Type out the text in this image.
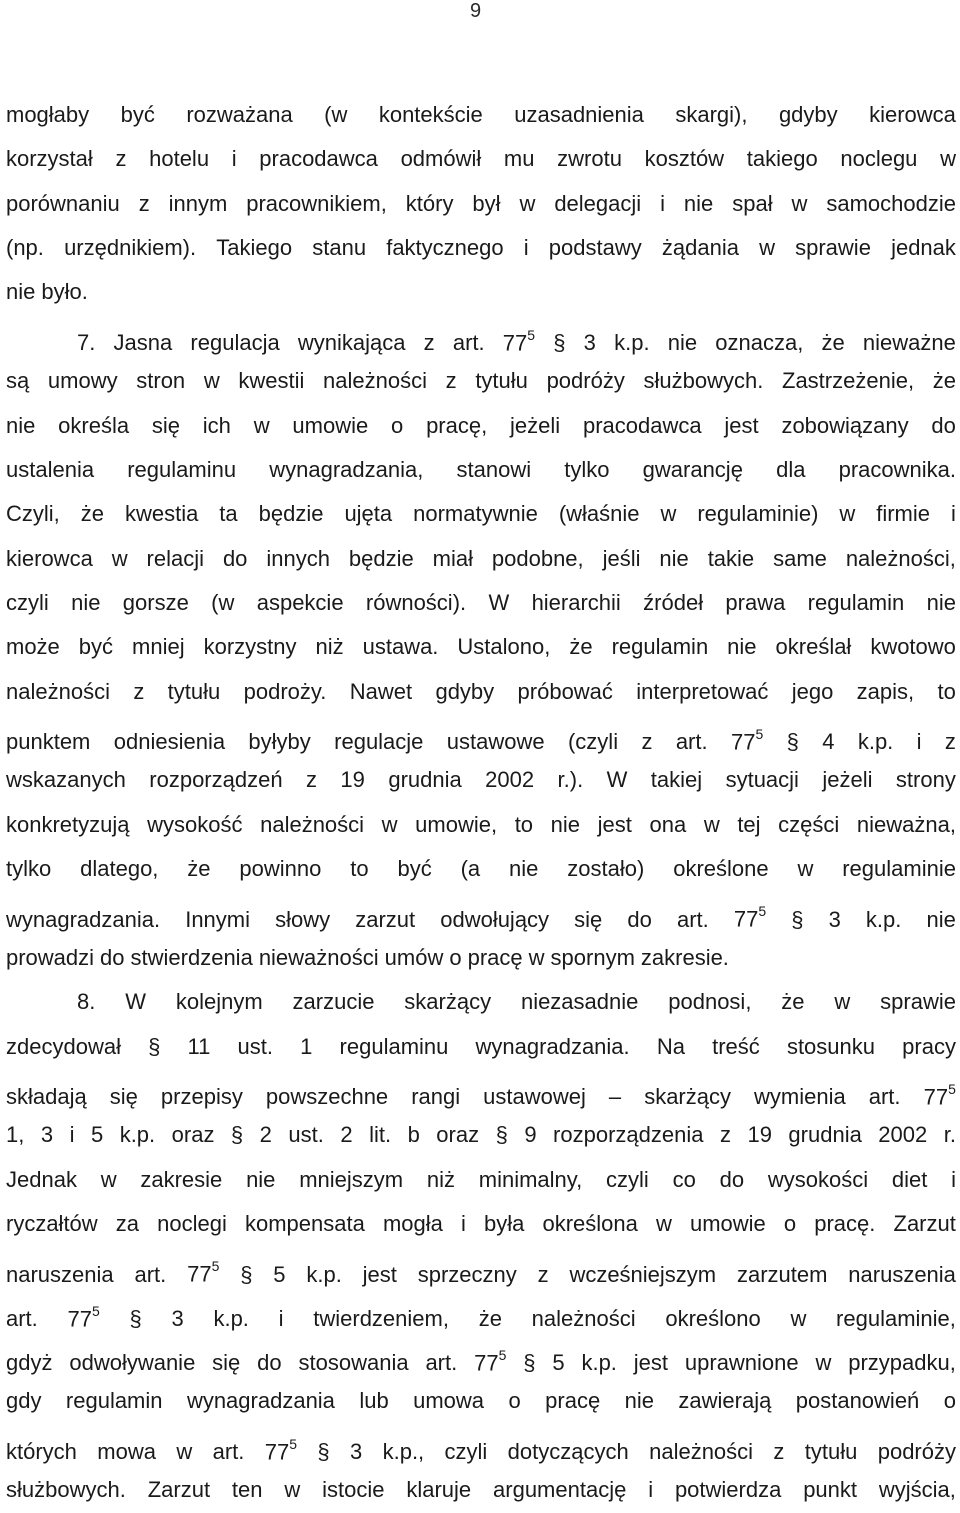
9
mogłaby być rozważana (w kontekście uzasadnienia skargi), gdyby kierowca
korzystał z hotelu i pracodawca odmówił mu zwrotu kosztów takiego noclegu w
porównaniu z innym pracownikiem, który był w delegacji i nie spał w samochodzie
(np. urzędnikiem). Takiego stanu faktycznego i podstawy żądania w sprawie jednak
nie było.
7. Jasna regulacja wynikająca z art. $77^5$ § 3 k.p. nie oznacza, że nieważne
są umowy stron w kwestii należności z tytułu podróży służbowych. Zastrzeżenie, że
nie określa się ich w umowie o pracę, jeżeli pracodawca jest zobowiązany do
ustalenia regulaminu wynagradzania, stanowi tylko gwarancję dla pracownika.
Czyli, że kwestia ta będzie ujęta normatywnie (właśnie w regulaminie) w firmie i
kierowca w relacji do innych będzie miał podobne, jeśli nie takie same należności,
czyli nie gorsze (w aspekcie równości). W hierarchii źródeł prawa regulamin nie
może być mniej korzystny niż ustawa. Ustalono, że regulamin nie określał kwotowo
należności z tytułu podroży. Nawet gdyby próbować interpretować jego zapis, to
punktem odniesienia byłyby regulacje ustawowe (czyli z art. $77^5$ § 4 k.p. i z
wskazanych rozporządzeń z 19 grudnia 2002 r.). W takiej sytuacji jeżeli strony
konkretyzują wysokość należności w umowie, to nie jest ona w tej części nieważna,
tylko dlatego, że powinno to być (a nie zostało) określone w regulaminie
wynagradzania. Innymi słowy zarzut odwołujący się do art. $77^5$ § 3 k.p. nie
prowadzi do stwierdzenia nieważności umów o pracę w spornym zakresie.
8. W kolejnym zarzucie skarżący niezasadnie podnosi, że w sprawie
zdecydował § 11 ust. 1 regulaminu wynagradzania. Na treść stosunku pracy
składają się przepisy powszechne rangi ustawowej – skarżący wymienia art. $77^5$
1, 3 i 5 k.p. oraz § 2 ust. 2 lit. b oraz § 9 rozporządzenia z 19 grudnia 2002 r.
Jednak w zakresie nie mniejszym niż minimalny, czyli co do wysokości diet i
ryczałtów za noclegi kompensata mogła i była określona w umowie o pracę. Zarzut
naruszenia art. $77^5$ § 5 k.p. jest sprzeczny z wcześniejszym zarzutem naruszenia
art. $77^5$ § 3 k.p. i twierdzeniem, że należności określono w regulaminie,
gdyż odwoływanie się do stosowania art. $77^5$ § 5 k.p. jest uprawnione w przypadku,
gdy regulamin wynagradzania lub umowa o pracę nie zawierają postanowień o
których mowa w art. $77^5$ § 3 k.p., czyli dotyczących należności z tytułu podróży
służbowych. Zarzut ten w istocie klaruje argumentację i potwierdza punkt wyjścia,
